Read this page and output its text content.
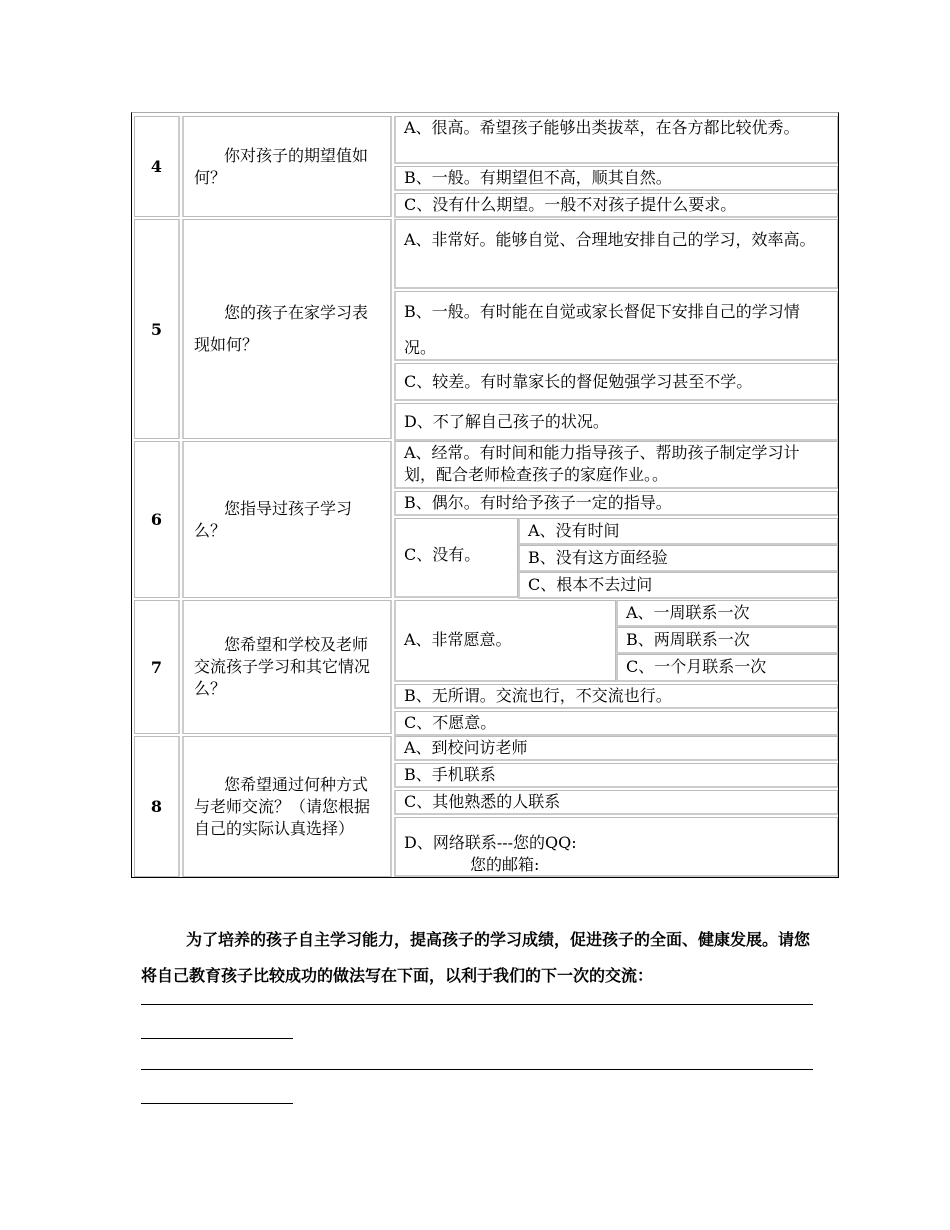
4
你对孩子的期望值如何？
A、很高。希望孩子能够出类拔萃，在各方都比较优秀。
B、一般。有期望但不高，顺其自然。
C、没有什么期望。一般不对孩子提什么要求。
5
您的孩子在家学习表现如何？
A、非常好。能够自觉、合理地安排自己的学习，效率高。
B、一般。有时能在自觉或家长督促下安排自己的学习情况。
C、较差。有时靠家长的督促勉强学习甚至不学。
D、不了解自己孩子的状况。
6
您指导过孩子学习么？
A、经常。有时间和能力指导孩子、帮助孩子制定学习计划，配合老师检查孩子的家庭作业。。
B、偶尔。有时给予孩子一定的指导。
C、没有。
A、没有时间
B、没有这方面经验
C、根本不去过问
7
您希望和学校及老师交流孩子学习和其它情况么？
A、非常愿意。
A、一周联系一次
B、两周联系一次
C、一个月联系一次
B、无所谓。交流也行，不交流也行。
C、不愿意。
8
您希望通过何种方式与老师交流？（请您根据自己的实际认真选择）
A、到校问访老师
B、手机联系
C、其他熟悉的人联系
D、网络联系---您的QQ:
您的邮箱:
为了培养的孩子自主学习能力，提高孩子的学习成绩，促进孩子的全面、健康发展。请您将自己教育孩子比较成功的做法写在下面，以利于我们的下一次的交流：
